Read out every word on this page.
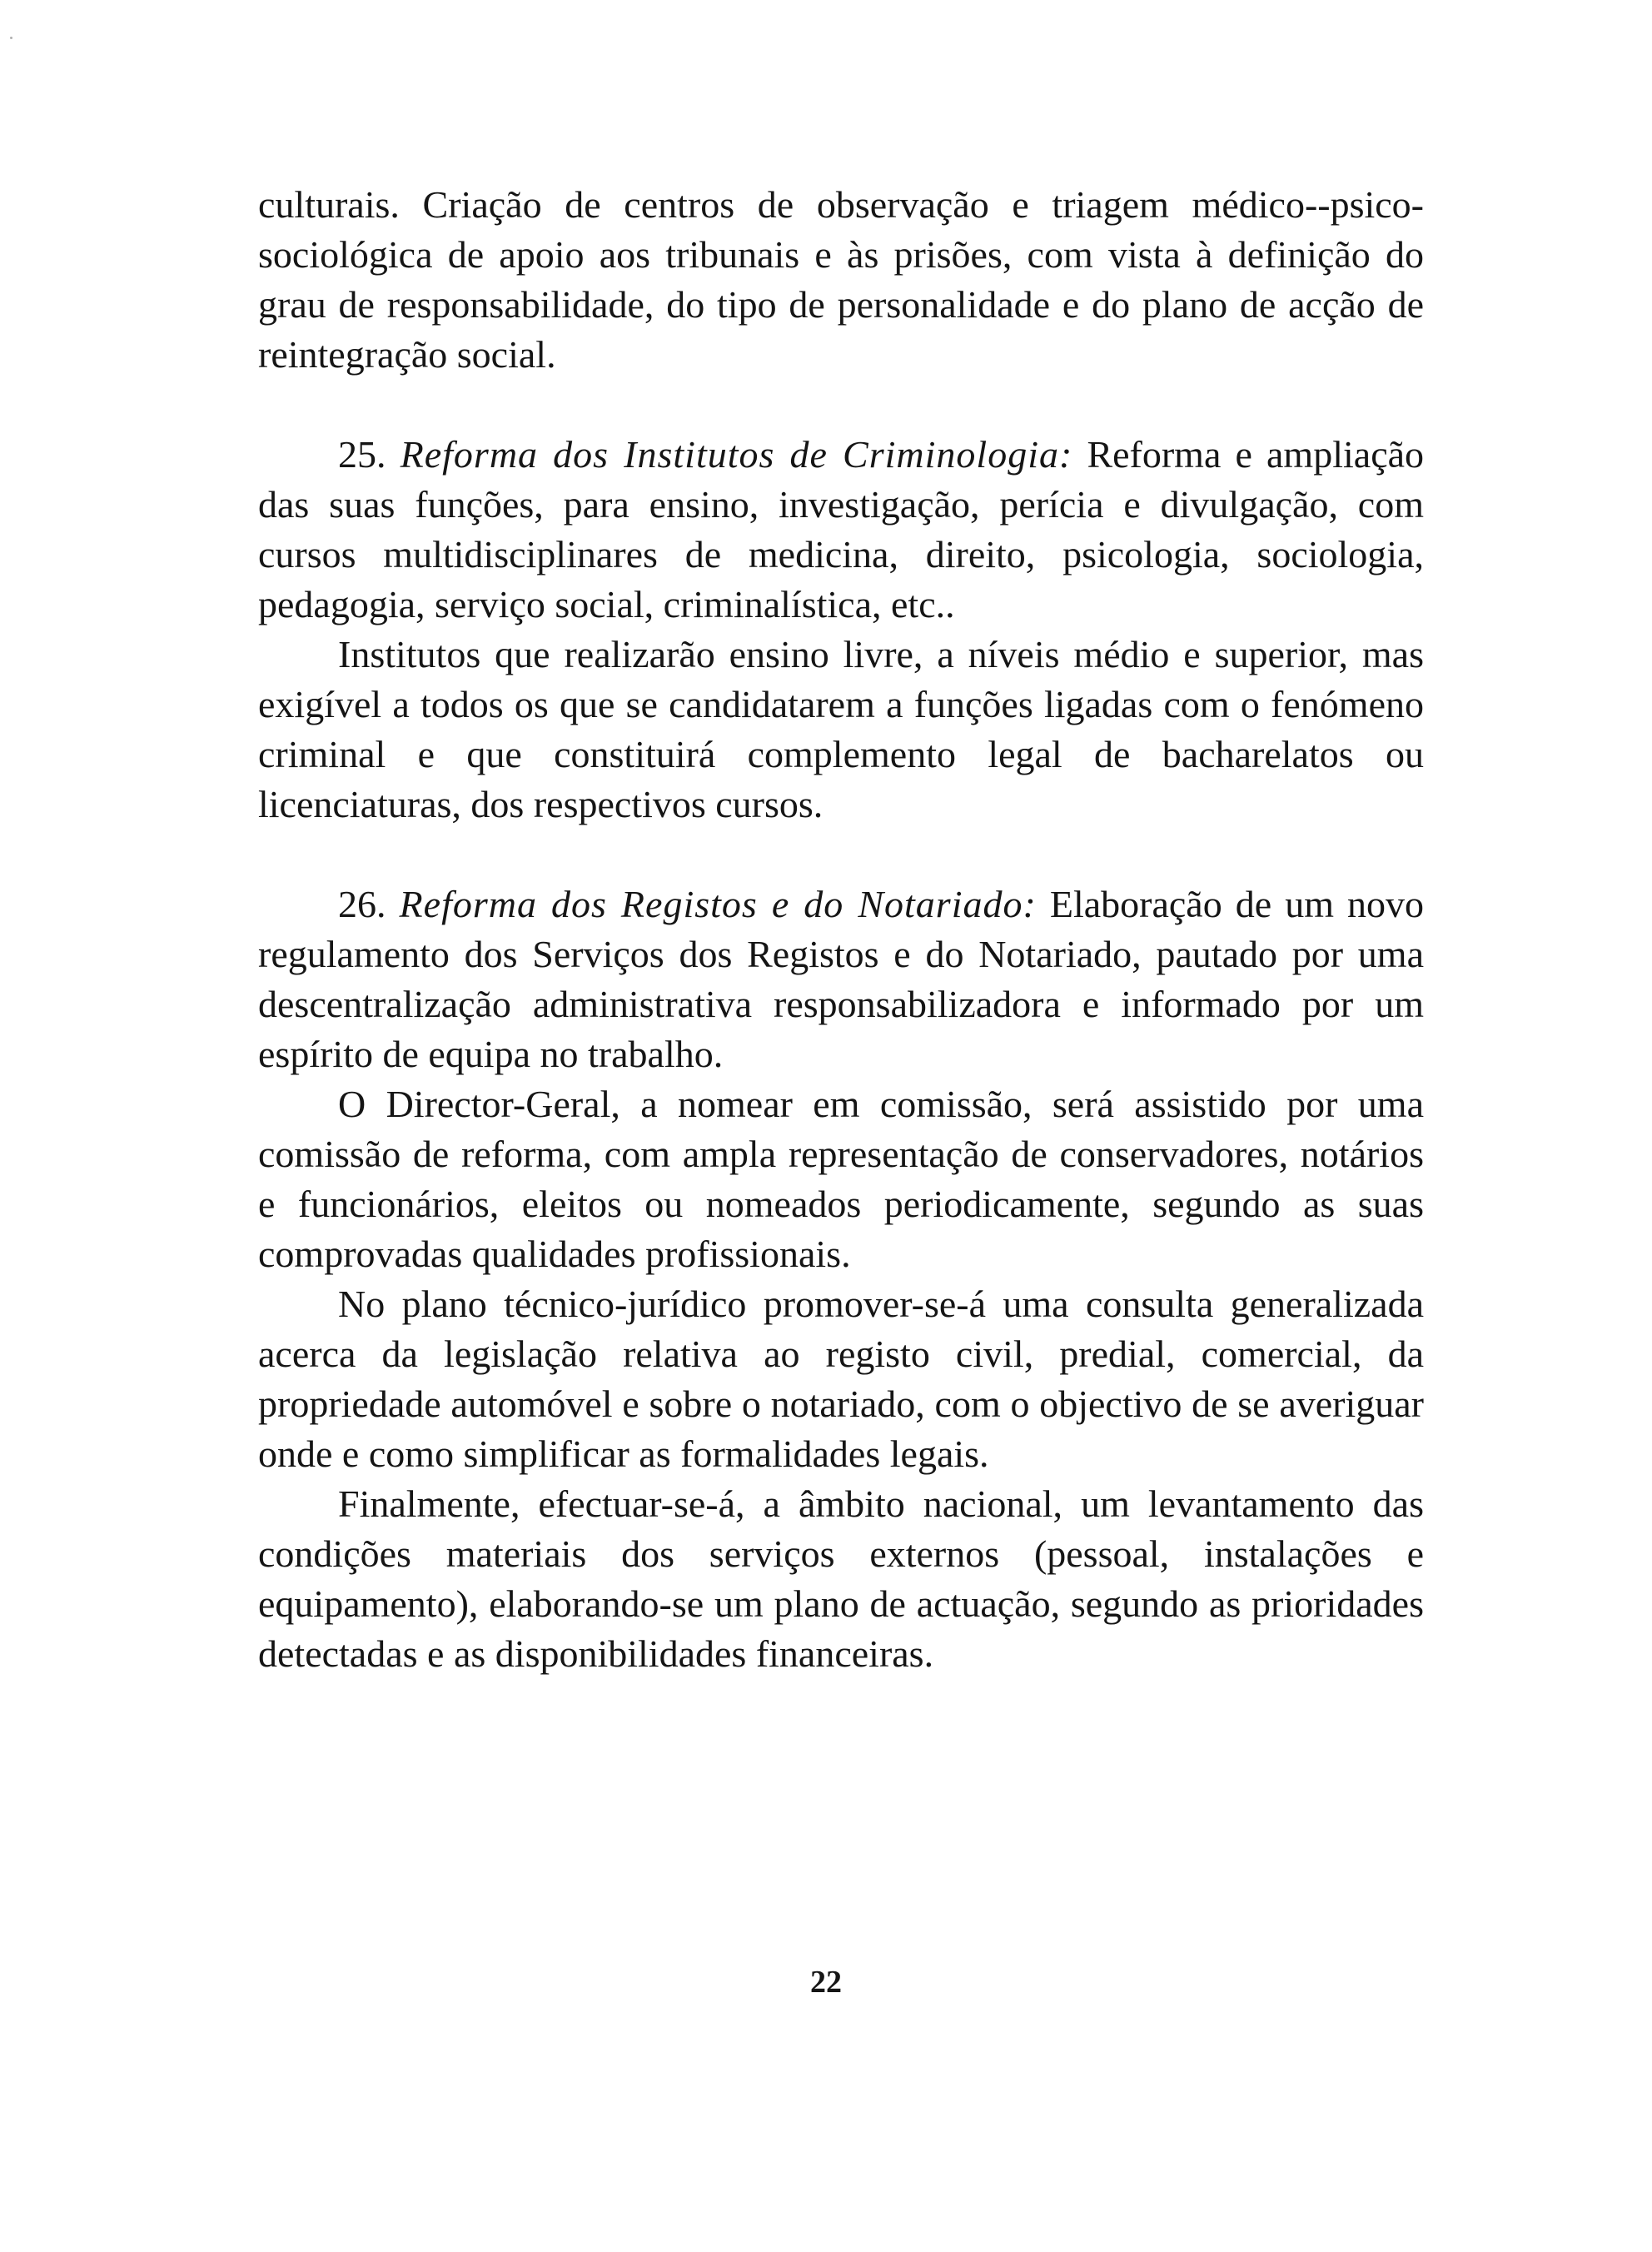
culturais. Criação de centros de observação e triagem médico--psico-sociológica de apoio aos tribunais e às prisões, com vista à definição do grau de responsabilidade, do tipo de personalidade e do plano de acção de reintegração social.

25. Reforma dos Institutos de Criminologia: Reforma e ampliação das suas funções, para ensino, investigação, perícia e divulgação, com cursos multidisciplinares de medicina, direito, psicologia, sociologia, pedagogia, serviço social, criminalística, etc..

Institutos que realizarão ensino livre, a níveis médio e superior, mas exigível a todos os que se candidatarem a funções ligadas com o fenómeno criminal e que constituirá complemento legal de bacharelatos ou licenciaturas, dos respectivos cursos.

26. Reforma dos Registos e do Notariado: Elaboração de um novo regulamento dos Serviços dos Registos e do Notariado, pautado por uma descentralização administrativa responsabilizadora e informado por um espírito de equipa no trabalho.

O Director-Geral, a nomear em comissão, será assistido por uma comissão de reforma, com ampla representação de conservadores, notários e funcionários, eleitos ou nomeados periodicamente, segundo as suas comprovadas qualidades profissionais.

No plano técnico-jurídico promover-se-á uma consulta generalizada acerca da legislação relativa ao registo civil, predial, comercial, da propriedade automóvel e sobre o notariado, com o objectivo de se averiguar onde e como simplificar as formalidades legais.

Finalmente, efectuar-se-á, a âmbito nacional, um levantamento das condições materiais dos serviços externos (pessoal, instalações e equipamento), elaborando-se um plano de actuação, segundo as prioridades detectadas e as disponibilidades financeiras.

22
